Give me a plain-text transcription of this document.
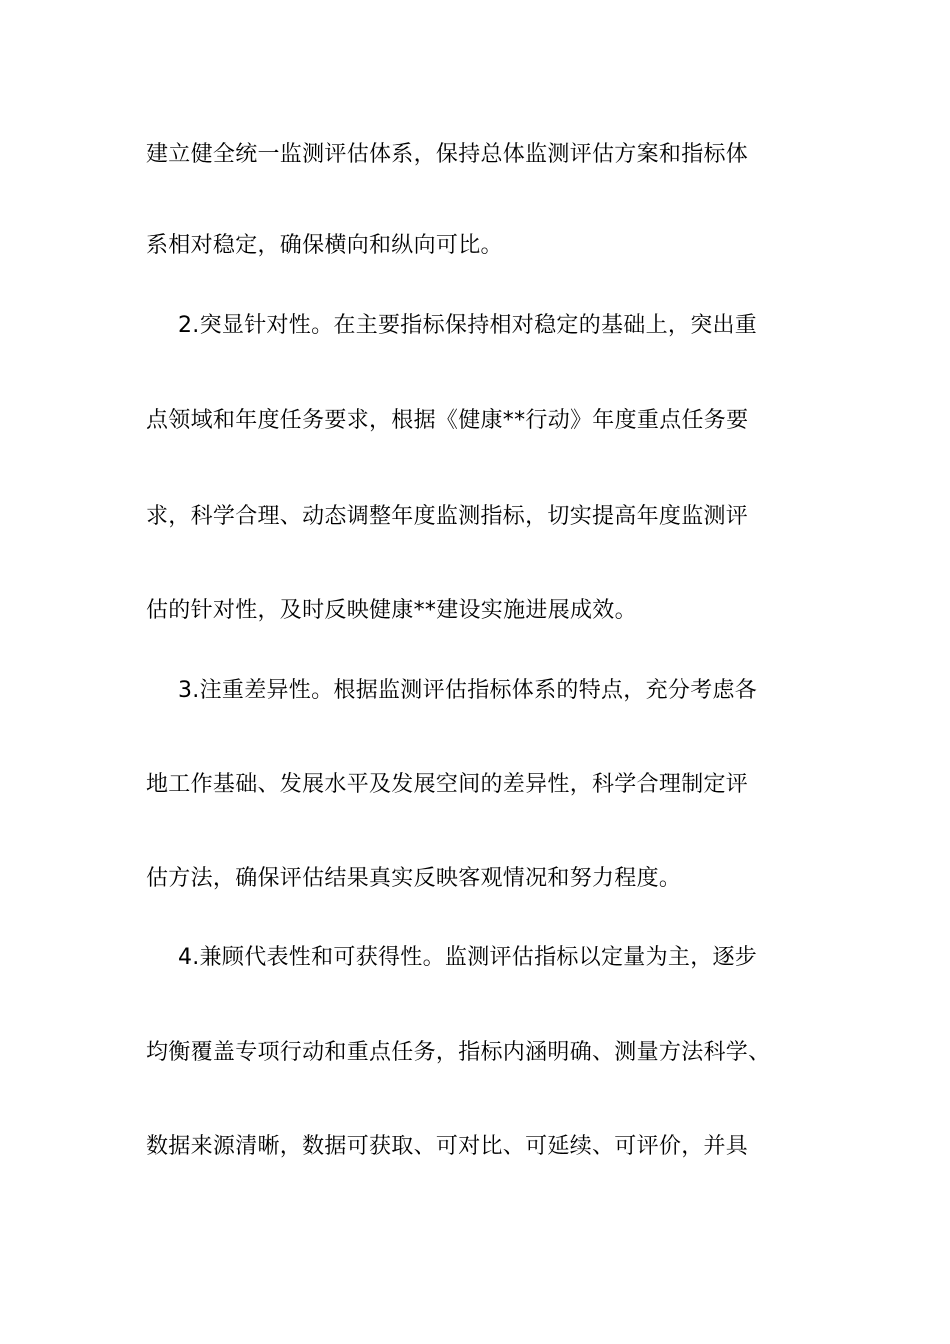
建立健全统一监测评估体系，保持总体监测评估方案和指标体
系相对稳定，确保横向和纵向可比。
2.突显针对性。在主要指标保持相对稳定的基础上，突出重
点领域和年度任务要求，根据《健康**行动》年度重点任务要
求，科学合理、动态调整年度监测指标，切实提高年度监测评
估的针对性，及时反映健康**建设实施进展成效。
3.注重差异性。根据监测评估指标体系的特点，充分考虑各
地工作基础、发展水平及发展空间的差异性，科学合理制定评
估方法，确保评估结果真实反映客观情况和努力程度。
4.兼顾代表性和可获得性。监测评估指标以定量为主，逐步
均衡覆盖专项行动和重点任务，指标内涵明确、测量方法科学、
数据来源清晰，数据可获取、可对比、可延续、可评价，并具
